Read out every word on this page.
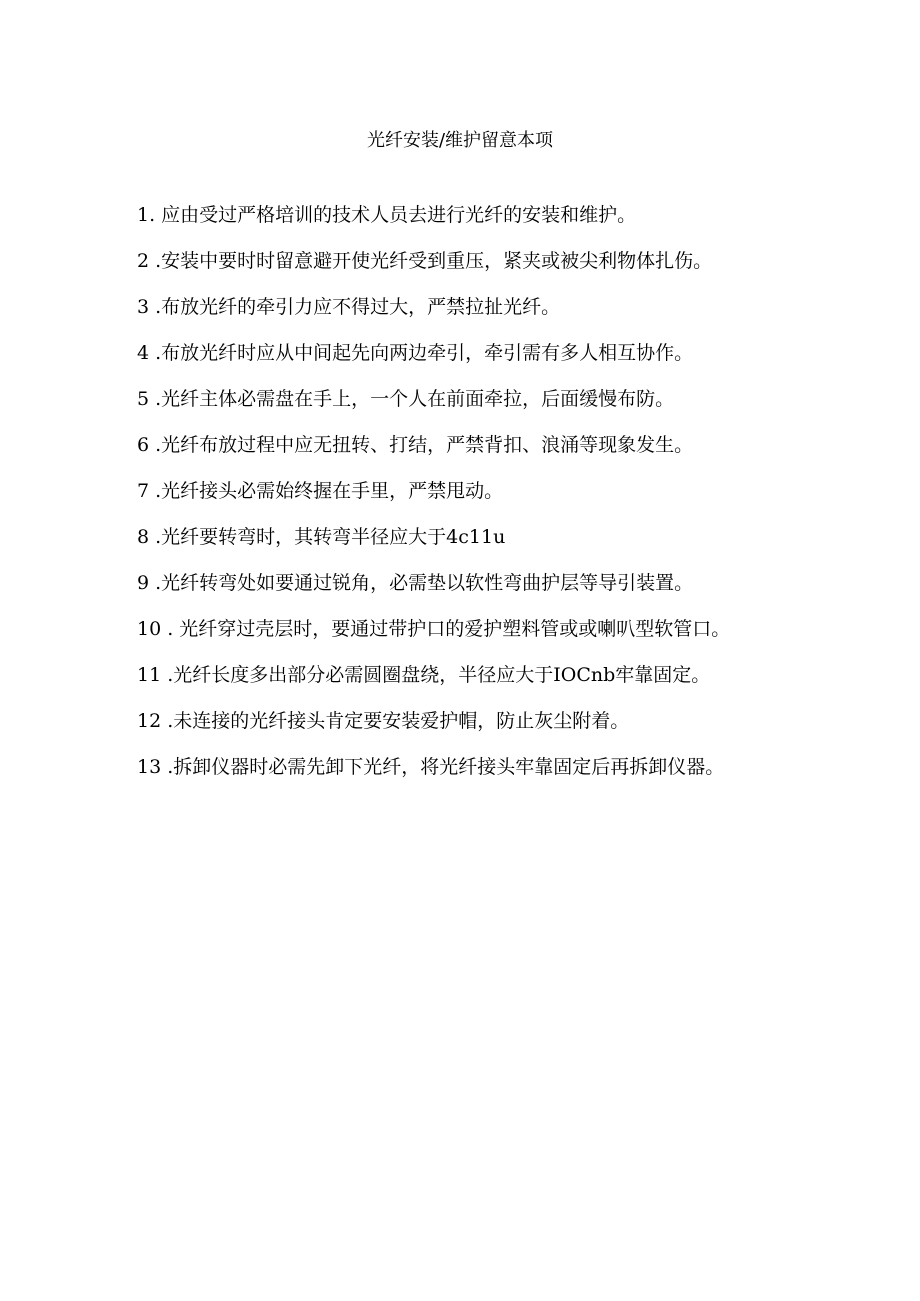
光纤安装/维护留意本项
1. 应由受过严格培训的技术人员去进行光纤的安装和维护。
2 .安装中要时时留意避开使光纤受到重压，紧夹或被尖利物体扎伤。
3 .布放光纤的牵引力应不得过大，严禁拉扯光纤。
4 .布放光纤时应从中间起先向两边牵引，牵引需有多人相互协作。
5 .光纤主体必需盘在手上，一个人在前面牵拉，后面缓慢布防。
6 .光纤布放过程中应无扭转、打结，严禁背扣、浪涌等现象发生。
7 .光纤接头必需始终握在手里，严禁甩动。
8 .光纤要转弯时，其转弯半径应大于4c11u
9 .光纤转弯处如要通过锐角，必需垫以软性弯曲护层等导引装置。
10 . 光纤穿过壳层时，要通过带护口的爱护塑料管或或喇叭型软管口。
11 .光纤长度多出部分必需圆圈盘绕，半径应大于IOCnb牢靠固定。
12 .未连接的光纤接头肯定要安装爱护帽，防止灰尘附着。
13 .拆卸仪器时必需先卸下光纤，将光纤接头牢靠固定后再拆卸仪器。
